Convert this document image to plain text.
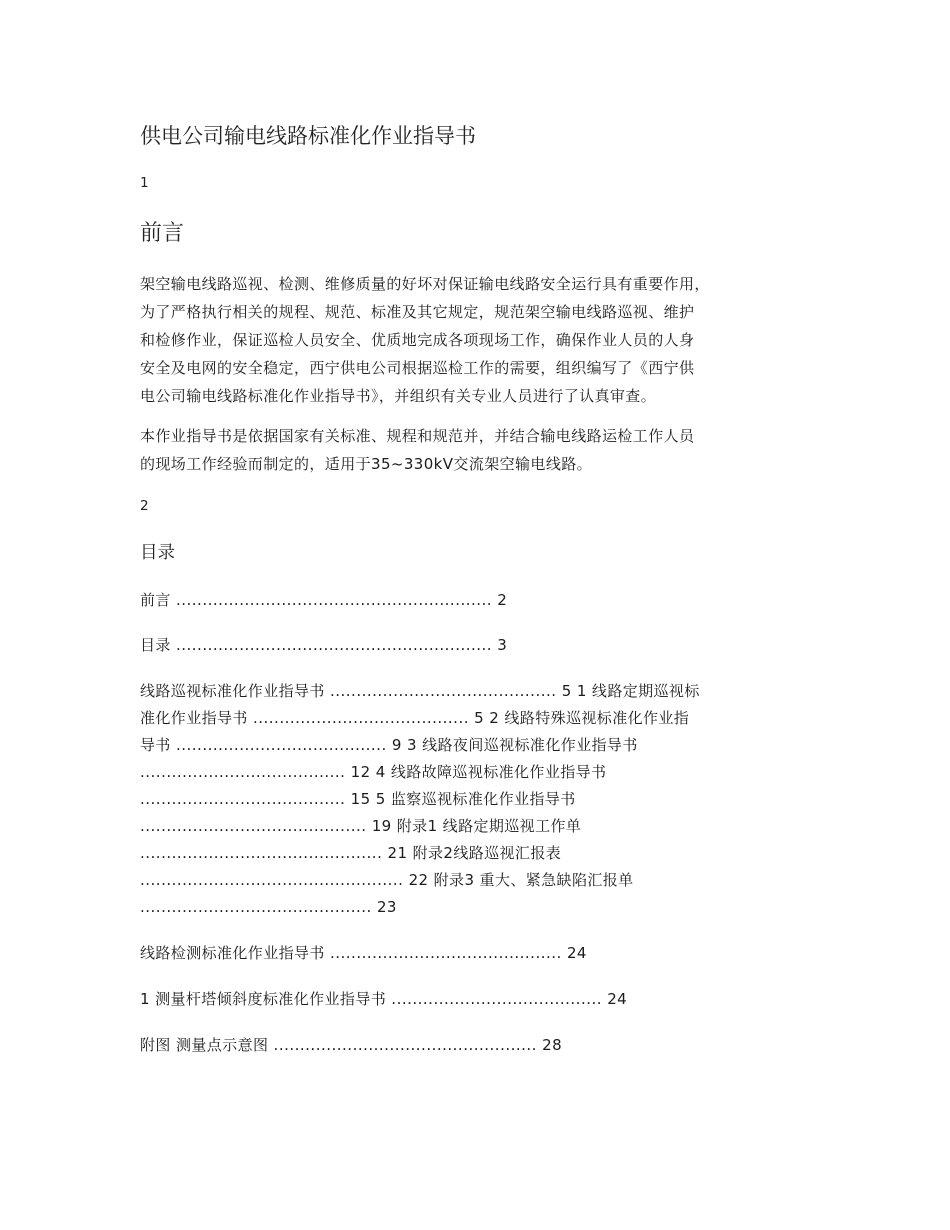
供电公司输电线路标准化作业指导书
1
前言
架空输电线路巡视、检测、维修质量的好坏对保证输电线路安全运行具有重要作用，
为了严格执行相关的规程、规范、标准及其它规定，规范架空输电线路巡视、维护
和检修作业，保证巡检人员安全、优质地完成各项现场工作，确保作业人员的人身
安全及电网的安全稳定，西宁供电公司根据巡检工作的需要，组织编写了《西宁供
电公司输电线路标准化作业指导书》，并组织有关专业人员进行了认真审查。
本作业指导书是依据国家有关标准、规程和规范并，并结合输电线路运检工作人员
的现场工作经验而制定的，适用于35~330kV交流架空输电线路。
2
目录
前言 ............................................................ 2
目录 ............................................................ 3
线路巡视标准化作业指导书 ........................................... 5 1 线路定期巡视标
准化作业指导书 ......................................... 5 2 线路特殊巡视标准化作业指
导书 ........................................ 9 3 线路夜间巡视标准化作业指导书
....................................... 12 4 线路故障巡视标准化作业指导书
....................................... 15 5 监察巡视标准化作业指导书
........................................... 19 附录1 线路定期巡视工作单
.............................................. 21 附录2线路巡视汇报表
.................................................. 22 附录3 重大、紧急缺陷汇报单
............................................ 23
线路检测标准化作业指导书 ............................................ 24
1 测量杆塔倾斜度标准化作业指导书 ........................................ 24
附图 测量点示意图 .................................................. 28
